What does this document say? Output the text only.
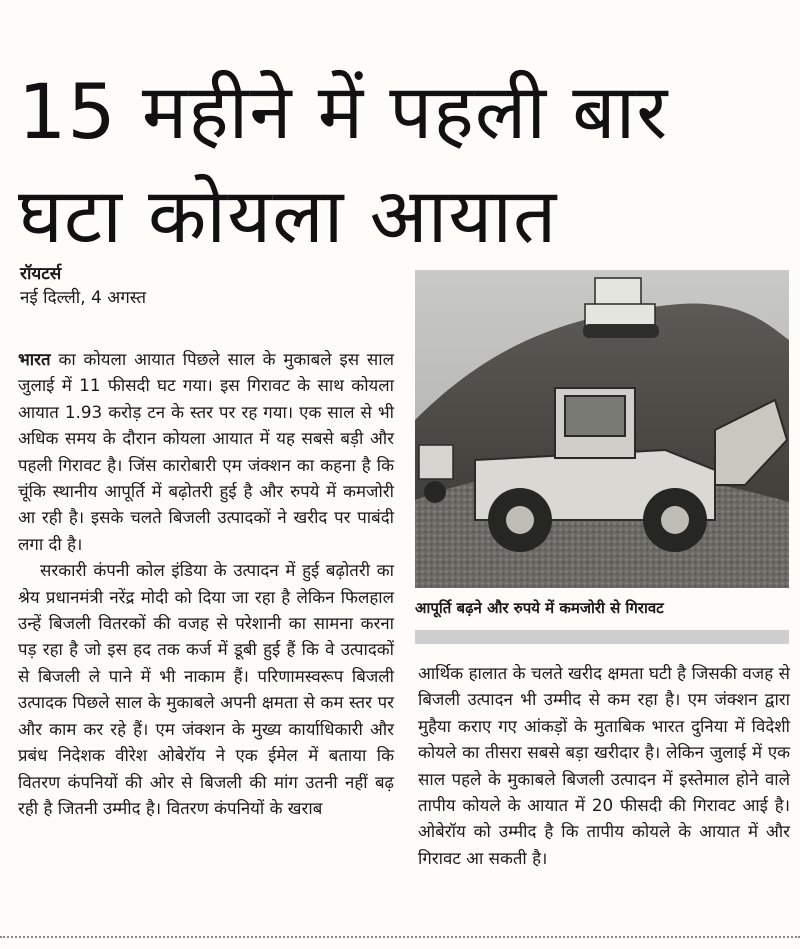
15 महीने में पहली बार घटा कोयला आयात
रॉयटर्स
नई दिल्ली, 4 अगस्त

भारत का कोयला आयात पिछले साल के मुकाबले इस साल जुलाई में 11 फीसदी घट गया। इस गिरावट के साथ कोयला आयात 1.93 करोड़ टन के स्तर पर रह गया। एक साल से भी अधिक समय के दौरान कोयला आयात में यह सबसे बड़ी और पहली गिरावट है। जिंस कारोबारी एम जंक्शन का कहना है कि चूंकि स्थानीय आपूर्ति में बढ़ोतरी हुई है और रुपये में कमजोरी आ रही है। इसके चलते बिजली उत्पादकों ने खरीद पर पाबंदी लगा दी है।

सरकारी कंपनी कोल इंडिया के उत्पादन में हुई बढ़ोतरी का श्रेय प्रधानमंत्री नरेंद्र मोदी को दिया जा रहा है लेकिन फिलहाल उन्हें बिजली वितरकों की वजह से परेशानी का सामना करना पड़ रहा है जो इस हद तक कर्ज में डूबी हुई हैं कि वे उत्पादकों से बिजली ले पाने में भी नाकाम हैं। परिणामस्वरूप बिजली उत्पादक पिछले साल के मुकाबले अपनी क्षमता से कम स्तर पर और काम कर रहे हैं। एम जंक्शन के मुख्य कार्याधिकारी और प्रबंध निदेशक वीरेश ओबेरॉय ने एक ईमेल में बताया कि वितरण कंपनियों की ओर से बिजली की मांग उतनी नहीं बढ़ रही है जितनी उम्मीद है। वितरण कंपनियों के खराब

आपूर्ति बढ़ने और रुपये में कमजोरी से गिरावट

आर्थिक हालात के चलते खरीद क्षमता घटी है जिसकी वजह से बिजली उत्पादन भी उम्मीद से कम रहा है। एम जंक्शन द्वारा मुहैया कराए गए आंकड़ों के मुताबिक भारत दुनिया में विदेशी कोयले का तीसरा सबसे बड़ा खरीदार है। लेकिन जुलाई में एक साल पहले के मुकाबले बिजली उत्पादन में इस्तेमाल होने वाले तापीय कोयले के आयात में 20 फीसदी की गिरावट आई है। ओबेरॉय को उम्मीद है कि तापीय कोयले के आयात में और गिरावट आ सकती है।
